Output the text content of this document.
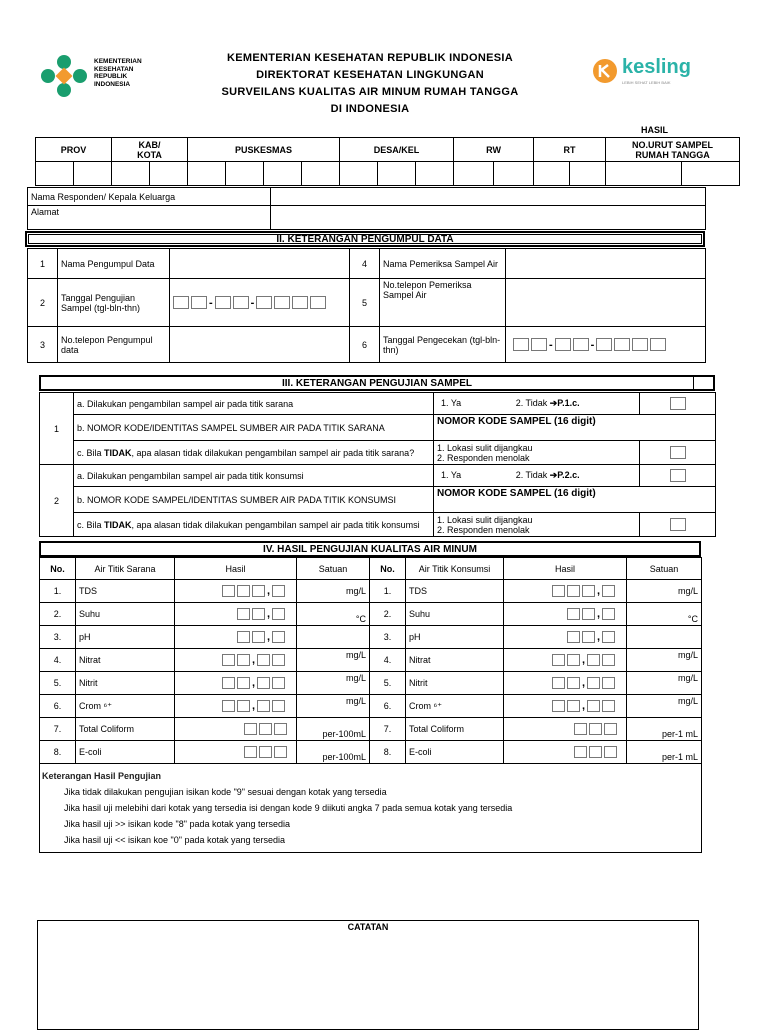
KEMENTERIAN KESEHATAN REPUBLIK INDONESIA
KEMENTERIAN KESEHATAN REPUBLIK INDONESIA
DIREKTORAT KESEHATAN LINGKUNGAN
SURVEILANS KUALITAS AIR MINUM RUMAH TANGGA
DI INDONESIA
kesling
LEBIH SEHAT LEBIH BAIK
HASIL
PROV		KAB/
KOTA		PUSKESMAS				DESA/KEL			RW		RT		NO.URUT SAMPEL
RUMAH TANGGA	

Nama Responden/ Kepala Keluarga	
Alamat	
II. KETERANGAN PENGUMPUL DATA
1	Nama Pengumpul Data		4	Nama Pemeriksa Sampel Air	
2	Tanggal Pengujian Sampel (tgl-bln-thn)	- -	5	No.telepon Pemeriksa Sampel Air	
3	No.telepon Pengumpul data		6	Tanggal Pengecekan (tgl-bln-thn)	- -
III. KETERANGAN PENGUJIAN SAMPEL
1	a. Dilakukan pengambilan sampel air pada titik sarana	1. Ya 2. Tidak ➔P.1.c.	
	b. NOMOR KODE/IDENTITAS SAMPEL SUMBER AIR PADA TITIK SARANA	NOMOR KODE SAMPEL (16 digit)	
	c. Bila TIDAK, apa alasan tidak dilakukan pengambilan sampel air pada titik sarana?	1. Lokasi sulit dijangkau
2. Responden menolak	

2	a. Dilakukan pengambilan sampel air pada titik konsumsi	1. Ya 2. Tidak ➔P.2.c.	
	b. NOMOR KODE SAMPEL/IDENTITAS SUMBER AIR PADA TITIK KONSUMSI	NOMOR KODE SAMPEL (16 digit)	
	c. Bila TIDAK, apa alasan tidak dilakukan pengambilan sampel air pada titik konsumsi	1. Lokasi sulit dijangkau
2. Responden menolak	

IV. HASIL PENGUJIAN KUALITAS AIR MINUM
No.	Air Titik Sarana	Hasil	Satuan	No.	Air Titik Konsumsi	Hasil	Satuan
1.	TDS	,	mg/L	1.	TDS	,	mg/L
2.	Suhu	,	°C	2.	Suhu	,	°C
3.	pH	,		3.	pH	,	
4.	Nitrat	,	mg/L	4.	Nitrat	,	mg/L
5.	Nitrit	,	mg/L	5.	Nitrit	,	mg/L
6.	Crom ⁶⁺	,	mg/L	6.	Crom ⁶⁺	,	mg/L
7.	Total Coliform		per-100mL	7.	Total Coliform		per-1 mL
8.	E-coli		per-100mL	8.	E-coli		per-1 mL

Keterangan Hasil Pengujian
Jika tidak dilakukan pengujian isikan kode "9" sesuai dengan kotak yang tersedia
Jika hasil uji melebihi dari kotak yang tersedia isi dengan kode 9 diikuti angka 7 pada semua kotak yang tersedia
Jika hasil uji >> isikan kode "8" pada kotak yang tersedia
Jika hasil uji << isikan koe "0" pada kotak yang tersedia							
CATATAN
